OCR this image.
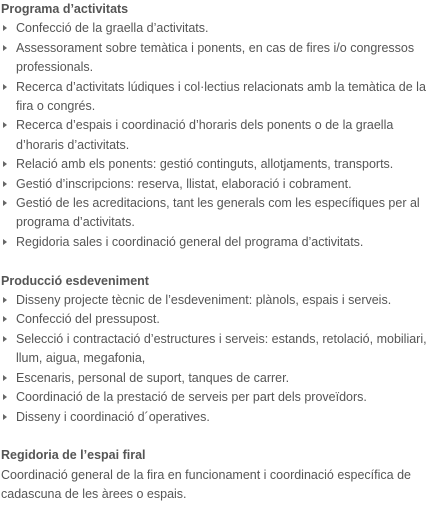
Programa d’activitats
Confecció de la graella d’activitats.
Assessorament sobre temàtica i ponents, en cas de fires i/o congressos professionals.
Recerca d’activitats lúdiques i col·lectius relacionats amb la temàtica de la fira o congrés.
Recerca d’espais i coordinació d’horaris dels ponents o de la graella d’horaris d’activitats.
Relació amb els ponents: gestió continguts, allotjaments, transports.
Gestió d’inscripcions: reserva, llistat, elaboració i cobrament.
Gestió de les acreditacions, tant les generals com les específiques per al programa d’activitats.
Regidoria sales i coordinació general del programa d’activitats.
Producció esdeveniment
Disseny projecte tècnic de l’esdeveniment: plànols, espais i serveis.
Confecció del pressupost.
Selecció i contractació d’estructures i serveis: estands, retolació, mobiliari, llum, aigua, megafonia,
Escenaris, personal de suport, tanques de carrer.
Coordinació de la prestació de serveis per part dels proveïdors.
Disseny i coordinació d´operatives.
Regidoria de l’espai firal

Coordinació general de la fira en funcionament i coordinació específica de cadascuna de les àrees o espais.
